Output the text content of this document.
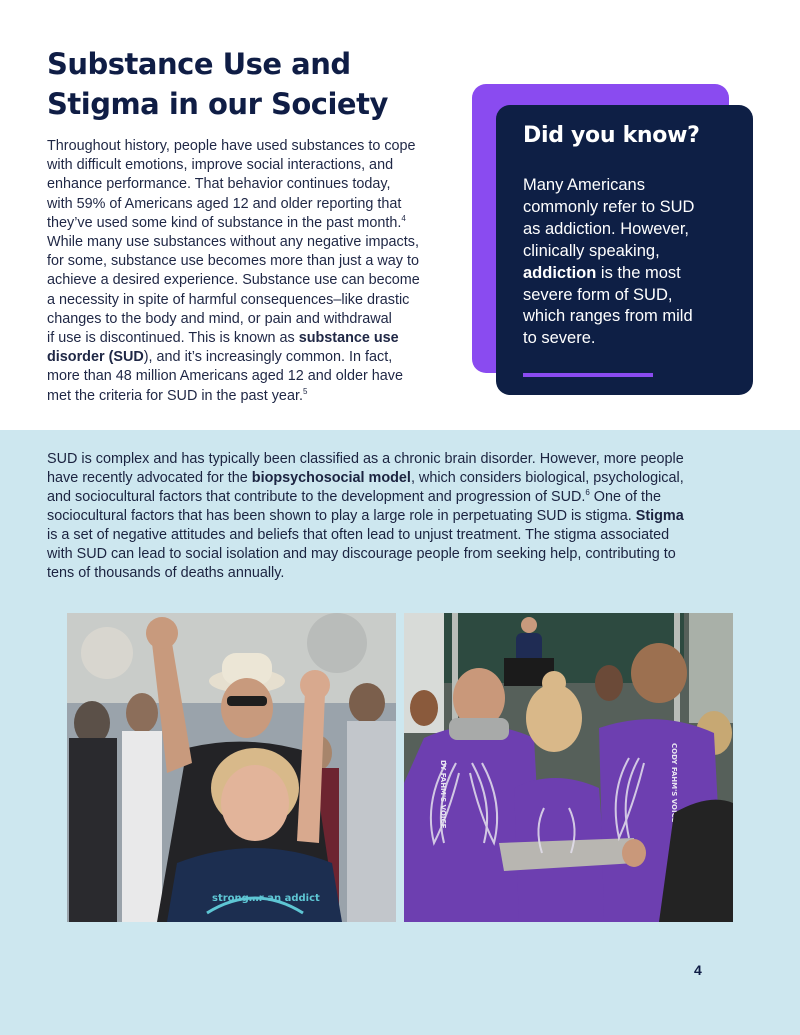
Substance Use and
Stigma in our Society
Throughout history, people have used substances to cope
with difficult emotions, improve social interactions, and
enhance performance. That behavior continues today,
with 59% of Americans aged 12 and older reporting that
they’ve used some kind of substance in the past month.$^4$
While many use substances without any negative impacts,
for some, substance use becomes more than just a way to
achieve a desired experience. Substance use can become
a necessity in spite of harmful consequences–like drastic
changes to the body and mind, or pain and withdrawal
if use is discontinued. This is known as substance use
disorder (SUD), and it’s increasingly common. In fact,
more than 48 million Americans aged 12 and older have
met the criteria for SUD in the past year.$^5$
Did you know?
Many Americans
commonly refer to SUD
as addiction. However,
clinically speaking,
addiction is the most
severe form of SUD,
which ranges from mild
to severe.
SUD is complex and has typically been classified as a chronic brain disorder. However, more people
have recently advocated for the biopsychosocial model, which considers biological, psychological,
and sociocultural factors that contribute to the development and progression of SUD.$^6$ One of the
sociocultural factors that has been shown to play a large role in perpetuating SUD is stigma. Stigma
is a set of negative attitudes and beliefs that often lead to unjust treatment. The stigma associated
with SUD can lead to social isolation and may discourage people from seeking help, contributing to
tens of thousands of deaths annually.
strong…r an addict
DY FAHM'S VOICE	CODY FAHM'S VOICE
4
